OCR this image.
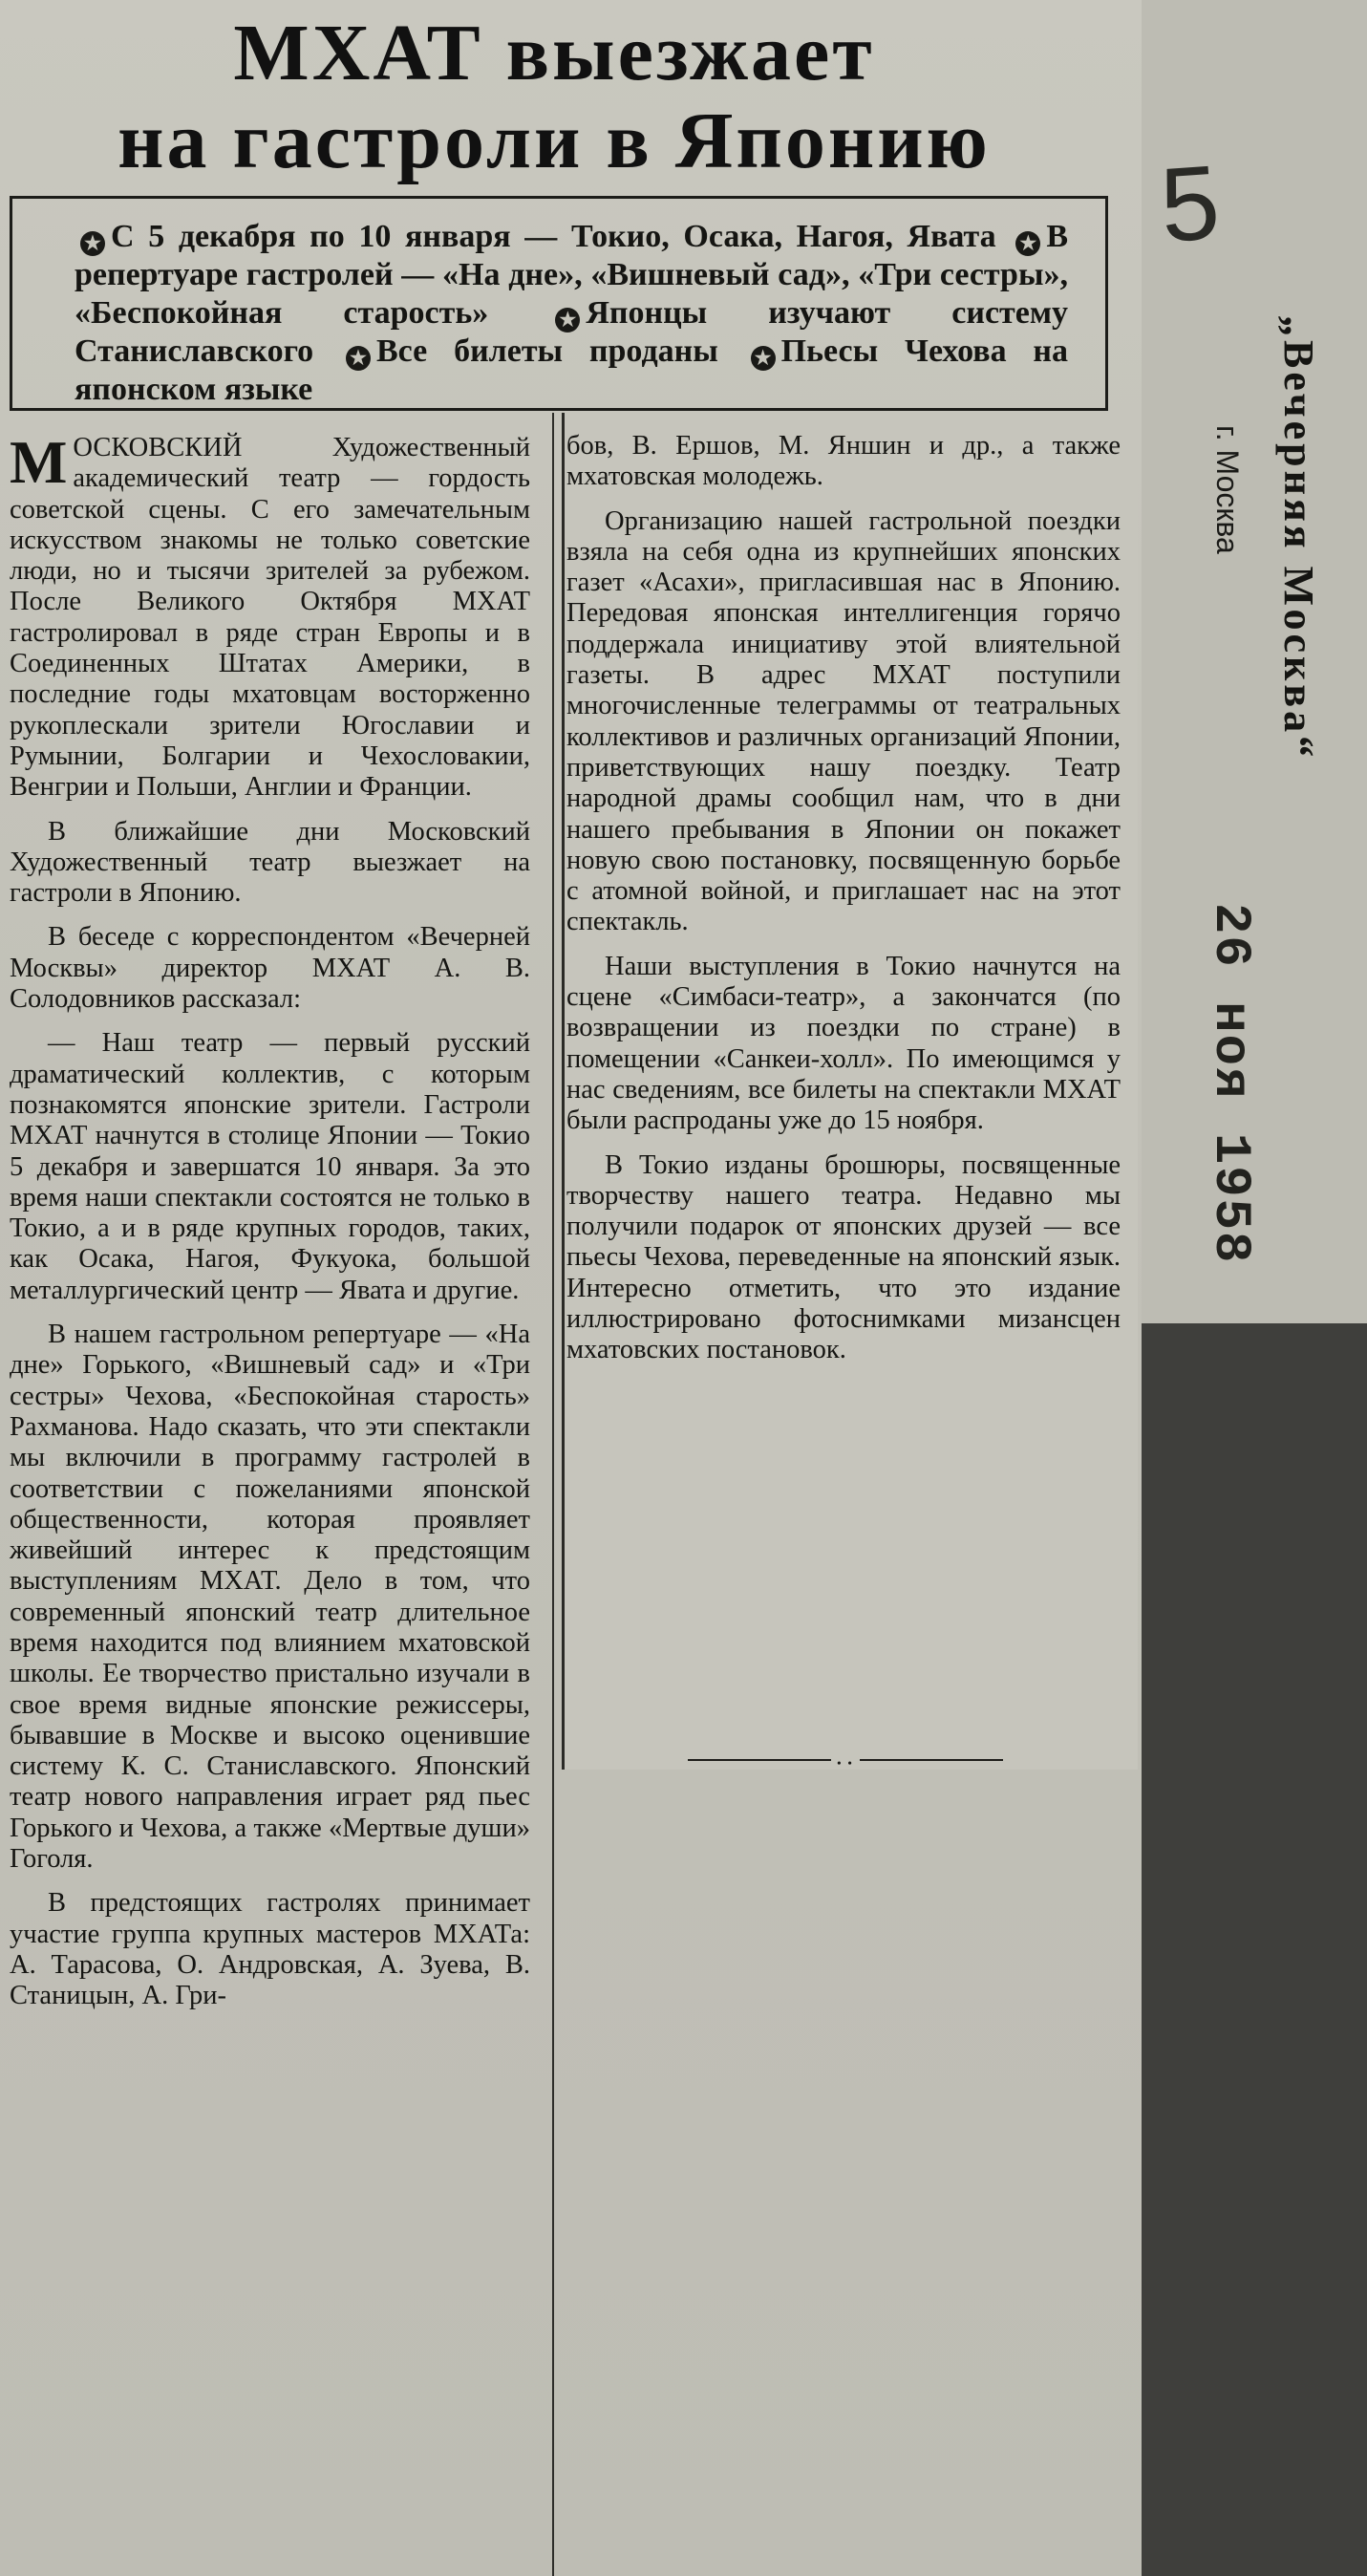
МХАТ выезжает
на гастроли в Японию
★ С 5 декабря по 10 января — Токио, Осака, Нагоя, Явата ★ В репертуаре гастролей — «На дне», «Вишневый сад», «Три сестры», «Беспокойная старость»	★ Японцы изучают систему Станиславского ★ Все билеты проданы ★ Пьесы Чехова на японском языке

МОСКОВСКИЙ Художественный академический театр — гордость советской сцены. С его замечательным искусством знакомы не только советские люди, но и тысячи зрителей за рубежом. После Великого Октября МХАТ гастролировал в ряде стран Европы и в Соединенных Штатах Америки, в последние годы мхатовцам восторженно рукоплескали зрители Югославии и Румынии, Болгарии и Чехословакии, Венгрии и Польши, Англии и Франции.

В ближайшие дни Московский Художественный театр выезжает на гастроли в Японию.

В беседе с корреспондентом «Вечерней Москвы» директор МХАТ А. В. Солодовников рассказал:

— Наш театр — первый русский драматический коллектив, с которым познакомятся японские зрители. Гастроли МХАТ начнутся в столице Японии — Токио 5 декабря и завершатся 10 января. За это время наши спектакли состоятся не только в Токио, а и в ряде крупных городов, таких, как Осака, Нагоя, Фукуока, большой металлургический центр — Явата и другие.

В нашем гастрольном репертуаре — «На дне» Горького, «Вишневый сад» и «Три сестры» Чехова, «Беспокойная старость» Рахманова. Надо сказать, что эти спектакли мы включили в программу гастролей в соответствии с пожеланиями японской общественности, которая проявляет живейший интерес к предстоящим выступлениям МХАТ. Дело в том, что современный японский театр длительное время находится под влиянием мхатовской школы. Ее творчество пристально изучали в свое время видные японские режиссеры, бывавшие в Москве и высоко оценившие систему К. С. Станиславского. Японский театр нового направления играет ряд пьес Горького и Чехова, а также «Мертвые души» Гоголя.

В предстоящих гастролях принимает участие группа крупных мастеров МХАТа: А. Тарасова, О. Андровская, А. Зуева, В. Станицын, А. Гри-

бов, В. Ершов, М. Яншин и др., а также мхатовская молодежь.

Организацию нашей гастрольной поездки взяла на себя одна из крупнейших японских газет «Асахи», пригласившая нас в Японию. Передовая японская интеллигенция горячо поддержала инициативу этой влиятельной газеты. В адрес МХАТ поступили многочисленные телеграммы от театральных коллективов и различных организаций Японии, приветствующих нашу поездку. Театр народной драмы сообщил нам, что в дни нашего пребывания в Японии он покажет новую свою постановку, посвященную борьбе с атомной войной, и приглашает нас на этот спектакль.

Наши выступления в Токио начнутся на сцене «Симбаси-театр», а закончатся (по возвращении из поездки по стране) в помещении «Санкеи-холл». По имеющимся у нас сведениям, все билеты на спектакли МХАТ были распроданы уже до 15 ноября.

В Токио изданы брошюры, посвященные творчеству нашего театра. Недавно мы получили подарок от японских друзей — все пьесы Чехова, переведенные на японский язык. Интересно отметить, что это издание иллюстрировано фотоснимками мизансцен мхатовских постановок.

• •
5
„Вечерняя Москва“
г. Москва
26 ноя 1958
